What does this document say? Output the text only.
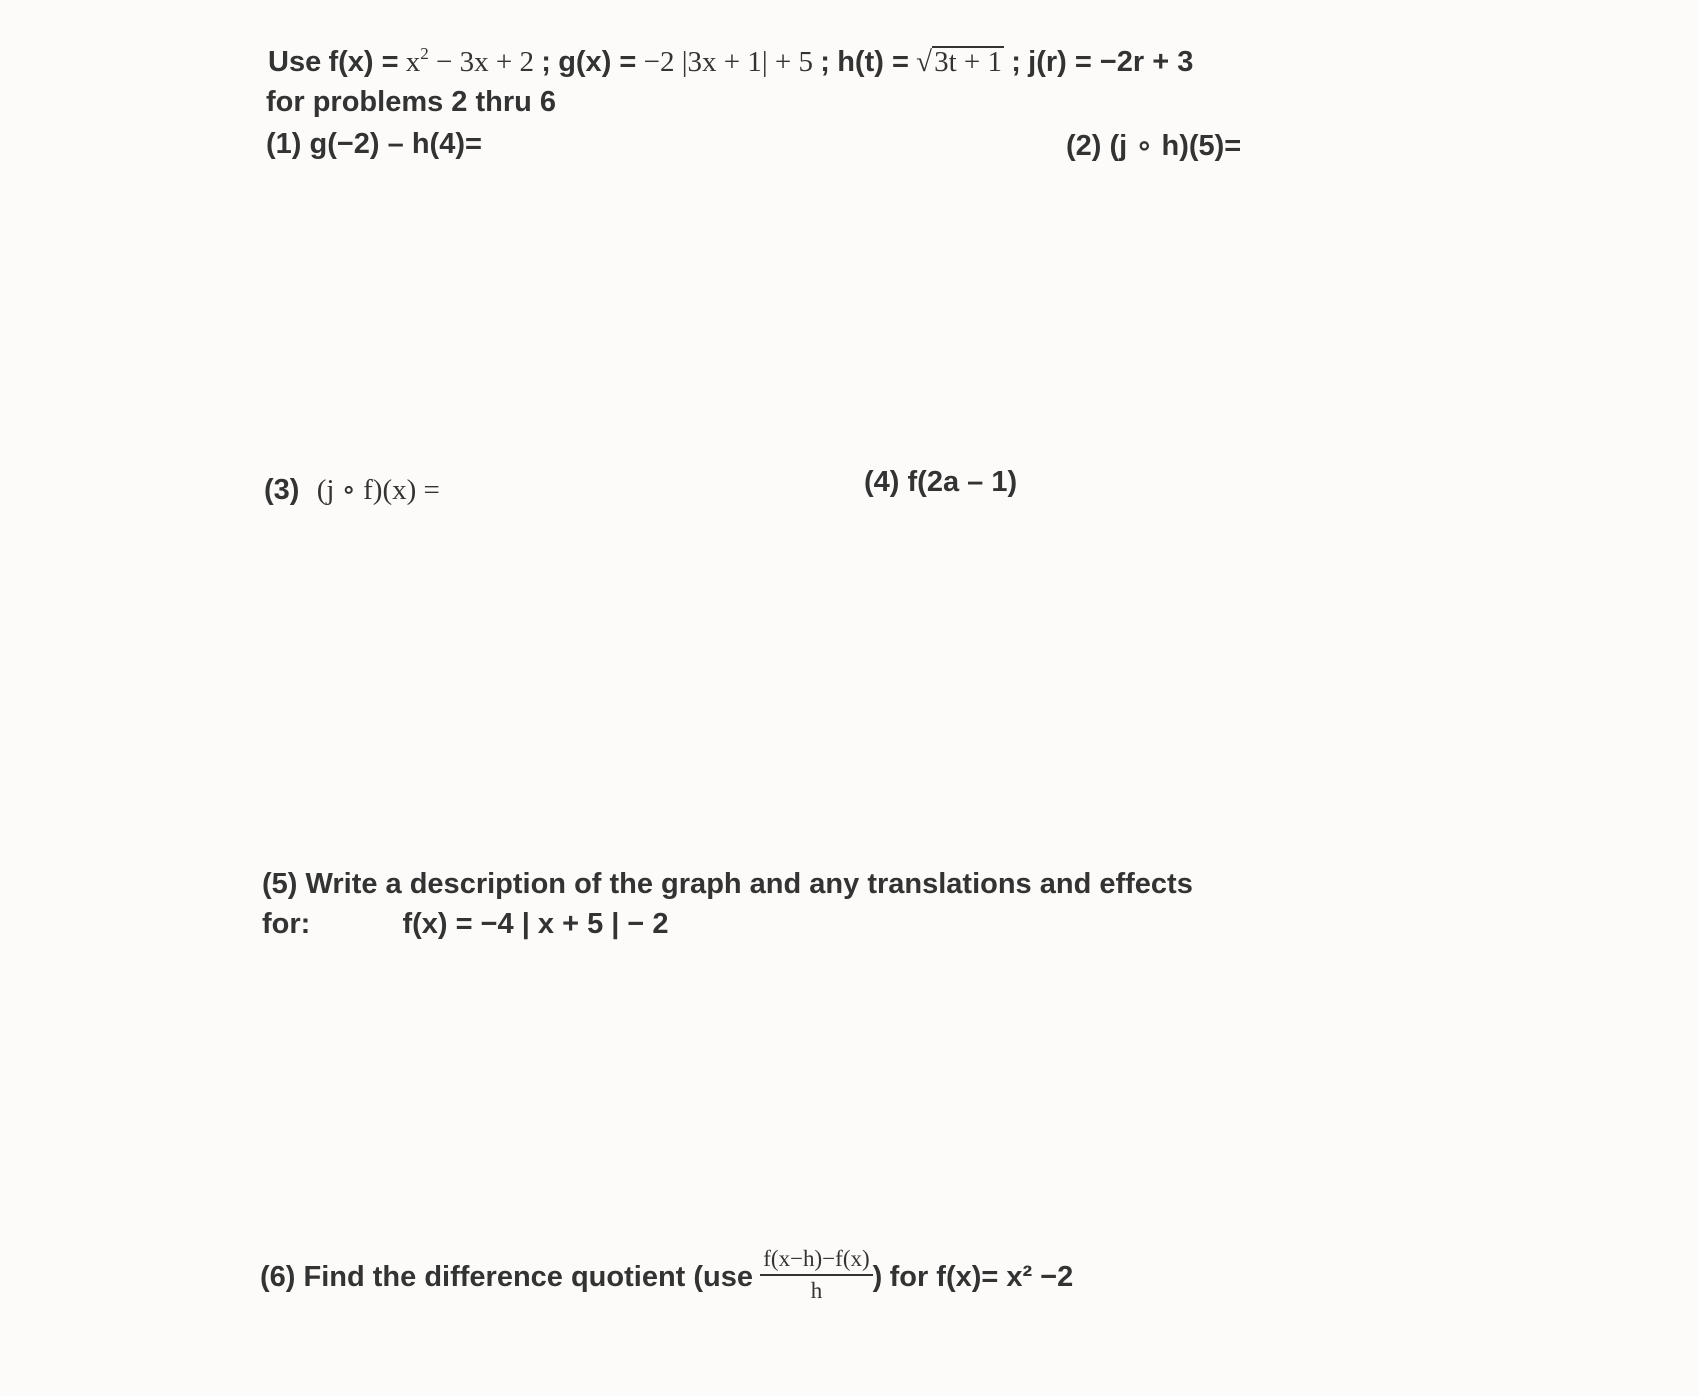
Use $f(x) = x^2 - 3x + 2$ ; g(x) = −2 |3x + 1| + 5 ; h(t) = √3t + 1 ; j(r) = −2r + 3
for problems 2 thru 6
(1) g(−2) – h(4)=	(2) (j ∘ h)(5)=
(3) (j ∘ f)(x) =	(4) f(2a – 1)
(5) Write a description of the graph and any translations and effects
for:	f(x) = −4 | x + 5 | − 2
(6) Find the difference quotient ($use \frac{f(x-h)-f(x)}{h}$ ) for f(x)= x² −2
